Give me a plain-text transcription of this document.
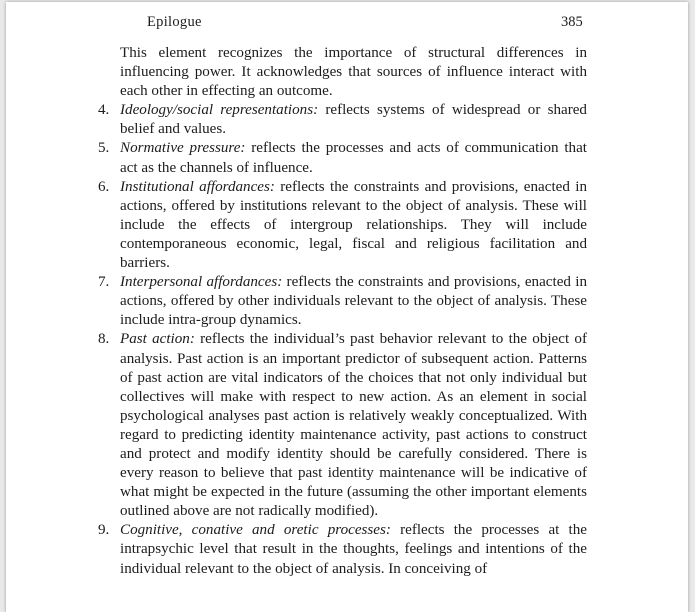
Epilogue	385

This element recognizes the importance of structural differences in influencing power. It acknowledges that sources of influence interact with each other in effecting an outcome.

4. Ideology/social representations: reflects systems of widespread or shared belief and values.
5. Normative pressure: reflects the processes and acts of communication that act as the channels of influence.
6. Institutional affordances: reflects the constraints and provisions, enacted in actions, offered by institutions relevant to the object of analysis. These will include the effects of intergroup relationships. They will include contemporaneous economic, legal, fiscal and religious facilitation and barriers.
7. Interpersonal affordances: reflects the constraints and provisions, enacted in actions, offered by other individuals relevant to the object of analysis. These include intra-group dynamics.
8. Past action: reflects the individual’s past behavior relevant to the object of analysis. Past action is an important predictor of subsequent action. Patterns of past action are vital indicators of the choices that not only individual but collectives will make with respect to new action. As an element in social psychological analyses past action is relatively weakly conceptualized. With regard to predicting identity maintenance activity, past actions to construct and protect and modify identity should be carefully considered. There is every reason to believe that past identity maintenance will be indicative of what might be expected in the future (assuming the other important elements outlined above are not radically modified).
9. Cognitive, conative and oretic processes: reflects the processes at the intrapsychic level that result in the thoughts, feelings and intentions of the individual relevant to the object of analysis. In conceiving of
